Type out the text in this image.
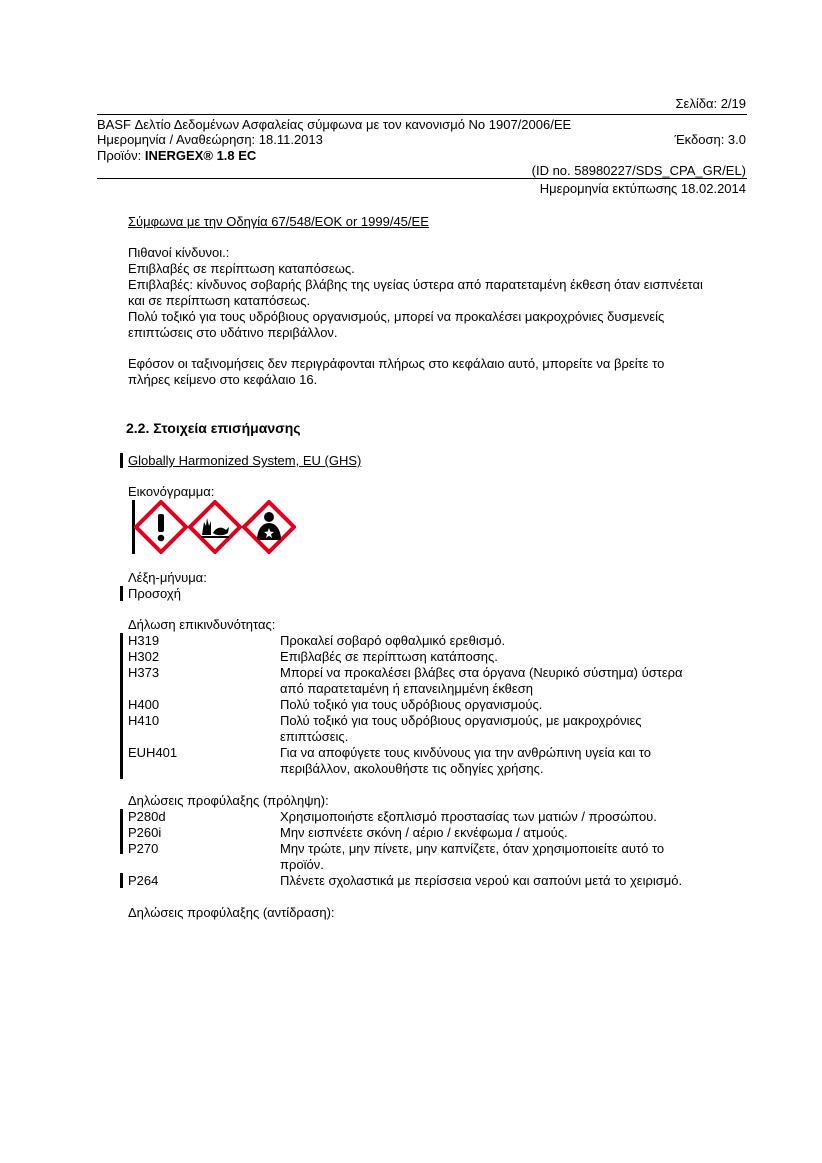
Σελίδα: 2/19
BASF Δελτίο Δεδομένων Ασφαλείας σύμφωνα με τον κανονισμό No 1907/2006/ΕΕ
Ημερομηνία / Αναθεώρηση: 18.11.2013	Έκδοση: 3.0
Προϊόν: INERGEX® 1.8 EC
(ID no. 58980227/SDS_CPA_GR/EL)
Ημερομηνία εκτύπωσης 18.02.2014
Σύμφωνα με την Οδηγία 67/548/ΕΟΚ or 1999/45/ΕΕ
Πιθανοί κίνδυνοι.:
Επιβλαβές σε περίπτωση καταπόσεως.
Επιβλαβές: κίνδυνος σοβαρής βλάβης της υγείας ύστερα από παρατεταμένη έκθεση όταν εισπνέεται
και σε περίπτωση καταπόσεως.
Πολύ τοξικό για τους υδρόβιους οργανισμούς, μπορεί να προκαλέσει μακροχρόνιες δυσμενείς
επιπτώσεις στο υδάτινο περιβάλλον.
Εφόσον οι ταξινομήσεις δεν περιγράφονται πλήρως στο κεφάλαιο αυτό, μπορείτε να βρείτε το
πλήρες κείμενο στο κεφάλαιο 16.
2.2. Στοιχεία επισήμανσης
Globally Harmonized System, EU (GHS)
Εικονόγραμμα:
Λέξη-μήνυμα:
Προσοχή
Δήλωση επικινδυνότητας:
H319	Προκαλεί σοβαρό οφθαλμικό ερεθισμό.
H302	Επιβλαβές σε περίπτωση κατάποσης.
H373	Μπορεί να προκαλέσει βλάβες στα όργανα (Νευρικό σύστημα) ύστερα
από παρατεταμένη ή επανειλημμένη έκθεση
H400	Πολύ τοξικό για τους υδρόβιους οργανισμούς.
H410	Πολύ τοξικό για τους υδρόβιους οργανισμούς, με μακροχρόνιες
επιπτώσεις.
EUH401	Για να αποφύγετε τους κινδύνους για την ανθρώπινη υγεία και το
περιβάλλον, ακολουθήστε τις οδηγίες χρήσης.
Δηλώσεις προφύλαξης (πρόληψη):
P280d	Χρησιμοποιήστε εξοπλισμό προστασίας των ματιών / προσώπου.
P260i	Μην εισπνέετε σκόνη / αέριο / εκνέφωμα / ατμούς.
P270	Μην τρώτε, μην πίνετε, μην καπνίζετε, όταν χρησιμοποιείτε αυτό το
προϊόν.
P264	Πλένετε σχολαστικά με περίσσεια νερού και σαπούνι μετά το χειρισμό.
Δηλώσεις προφύλαξης (αντίδραση):
